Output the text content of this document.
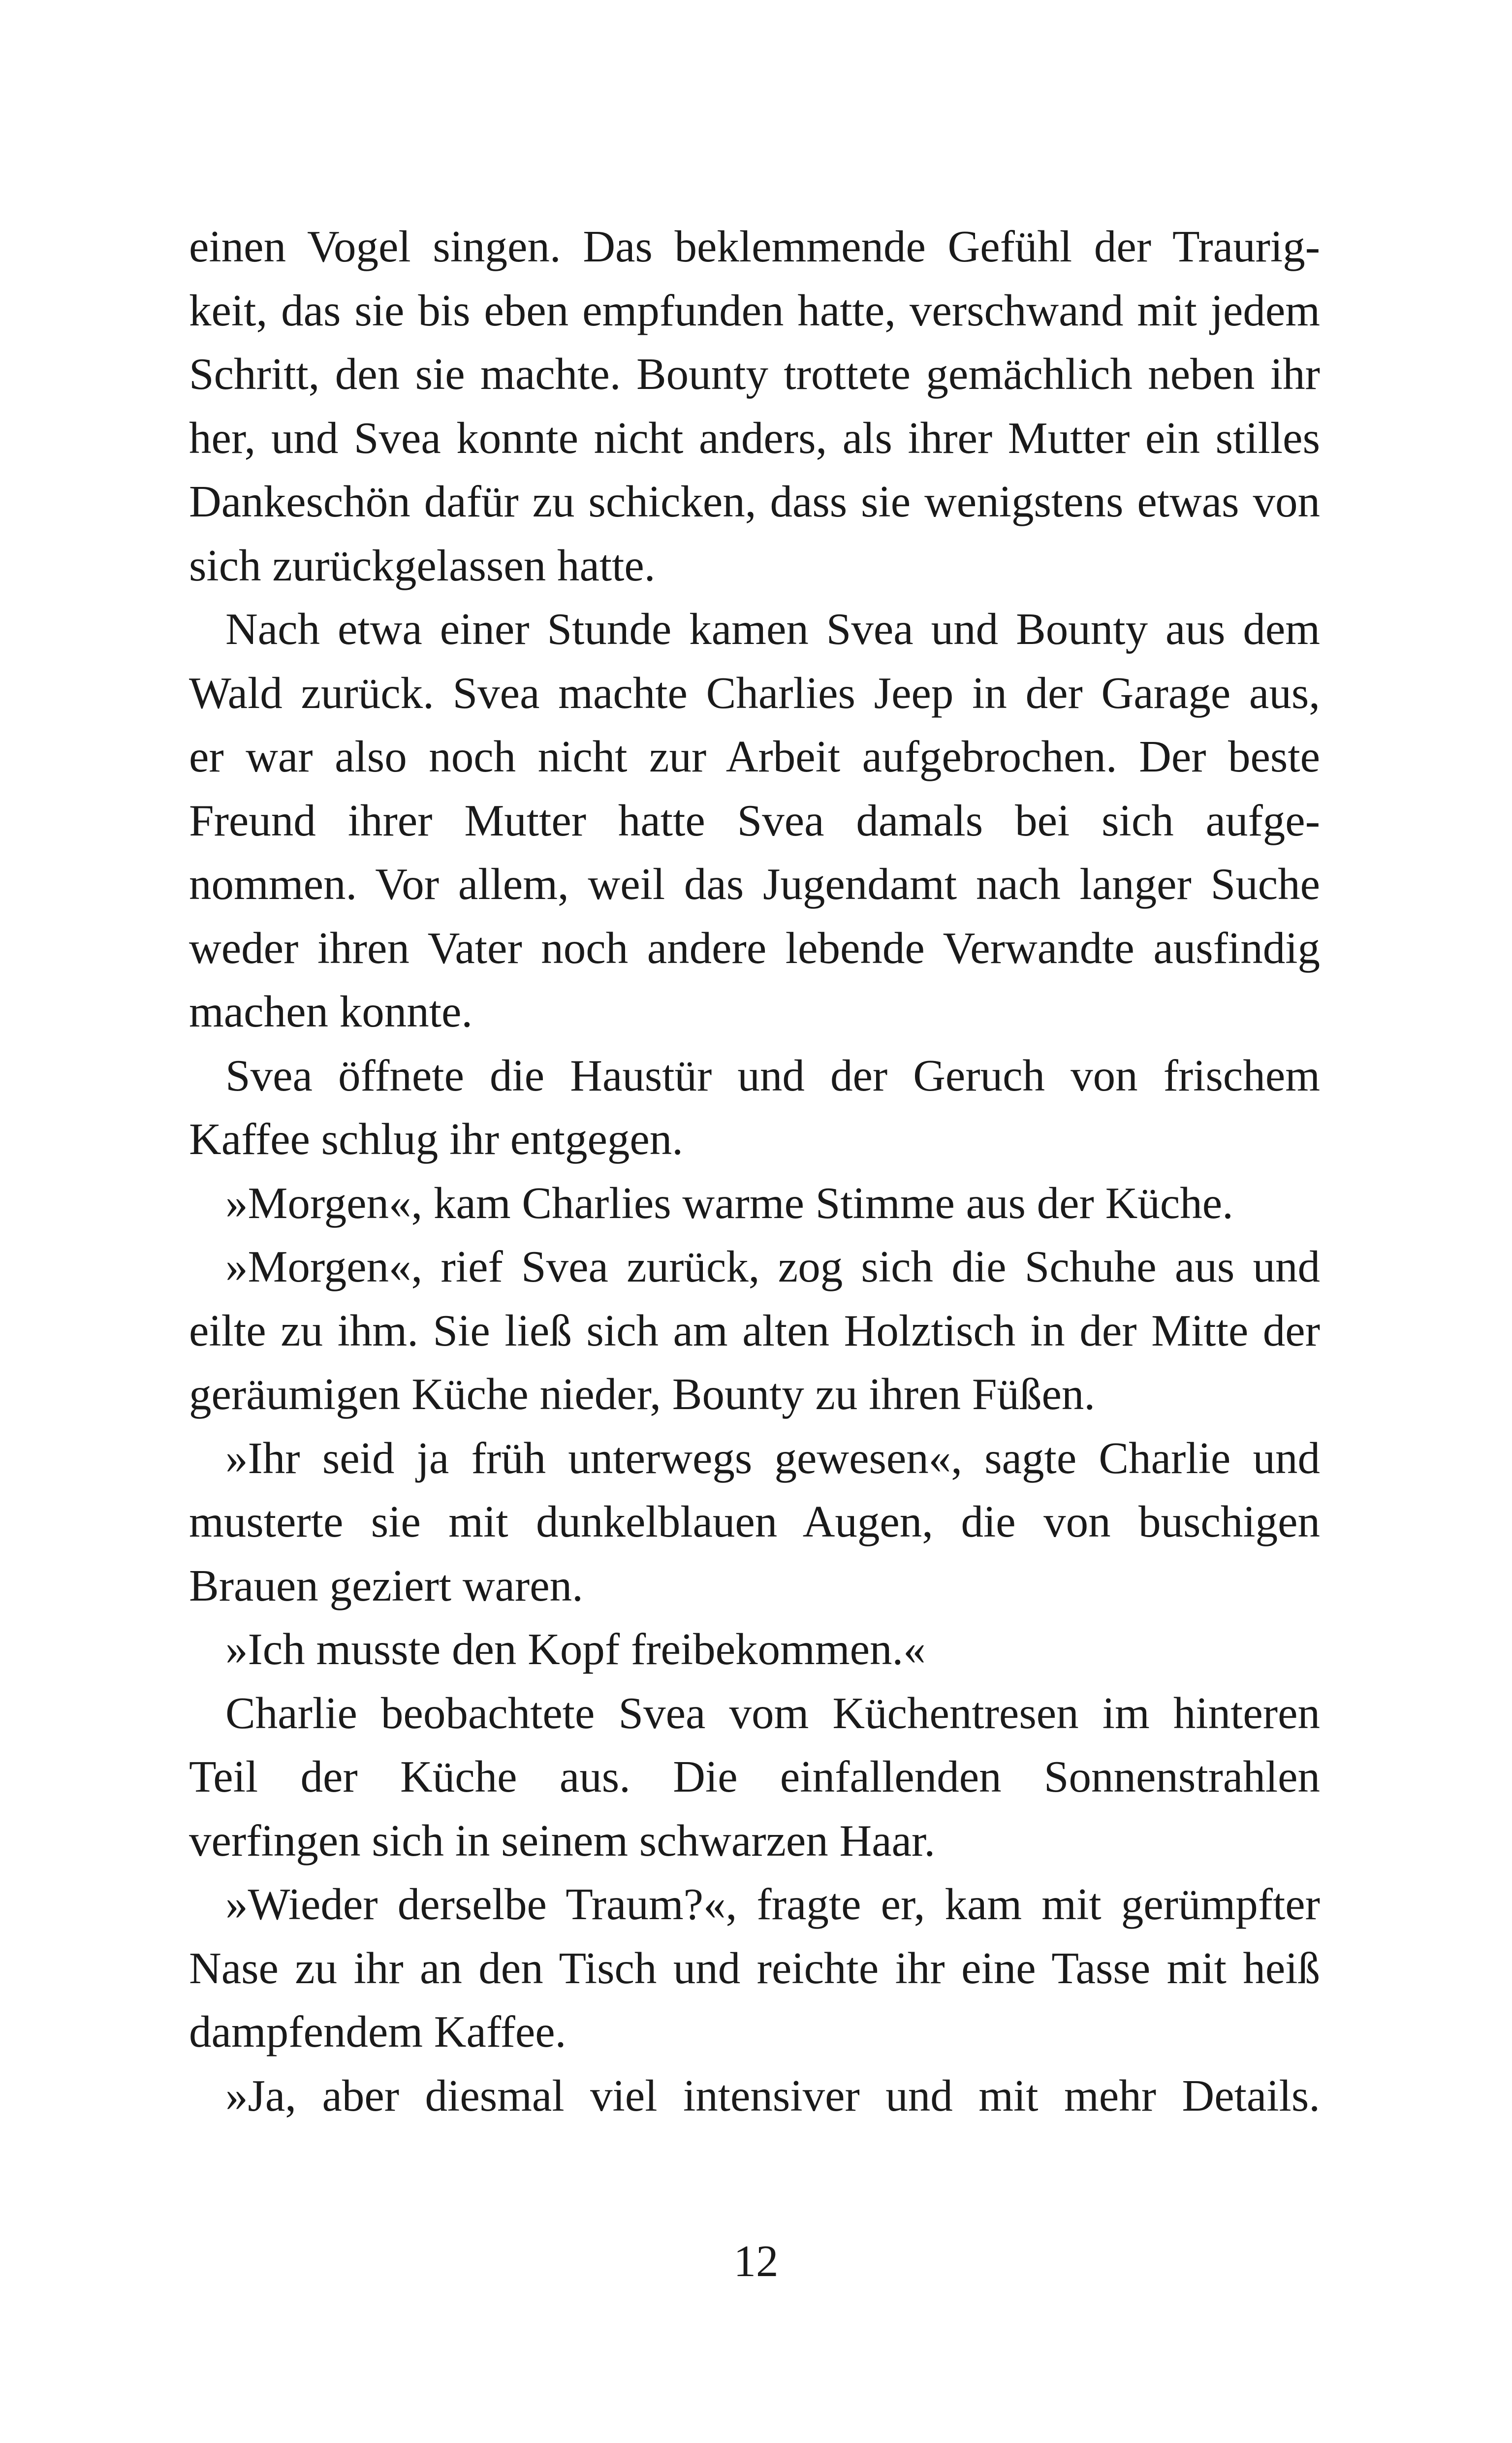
einen Vogel singen. Das beklemmende Gefühl der Traurig-
keit, das sie bis eben empfunden hatte, verschwand mit jedem
Schritt, den sie machte. Bounty trottete gemächlich neben ihr
her, und Svea konnte nicht anders, als ihrer Mutter ein stilles
Dankeschön dafür zu schicken, dass sie wenigstens etwas von
sich zurückgelassen hatte.
Nach etwa einer Stunde kamen Svea und Bounty aus dem
Wald zurück. Svea machte Charlies Jeep in der Garage aus,
er war also noch nicht zur Arbeit aufgebrochen. Der beste
Freund ihrer Mutter hatte Svea damals bei sich aufge-
nommen. Vor allem, weil das Jugendamt nach langer Suche
weder ihren Vater noch andere lebende Verwandte ausfindig
machen konnte.
Svea öffnete die Haustür und der Geruch von frischem
Kaffee schlug ihr entgegen.
»Morgen«, kam Charlies warme Stimme aus der Küche.
»Morgen«, rief Svea zurück, zog sich die Schuhe aus und
eilte zu ihm. Sie ließ sich am alten Holztisch in der Mitte der
geräumigen Küche nieder, Bounty zu ihren Füßen.
»Ihr seid ja früh unterwegs gewesen«, sagte Charlie und
musterte sie mit dunkelblauen Augen, die von buschigen
Brauen geziert waren.
»Ich musste den Kopf freibekommen.«
Charlie beobachtete Svea vom Küchentresen im hinteren
Teil der Küche aus. Die einfallenden Sonnenstrahlen
verfingen sich in seinem schwarzen Haar.
»Wieder derselbe Traum?«, fragte er, kam mit gerümpfter
Nase zu ihr an den Tisch und reichte ihr eine Tasse mit heiß
dampfendem Kaffee.
»Ja, aber diesmal viel intensiver und mit mehr Details.
12
